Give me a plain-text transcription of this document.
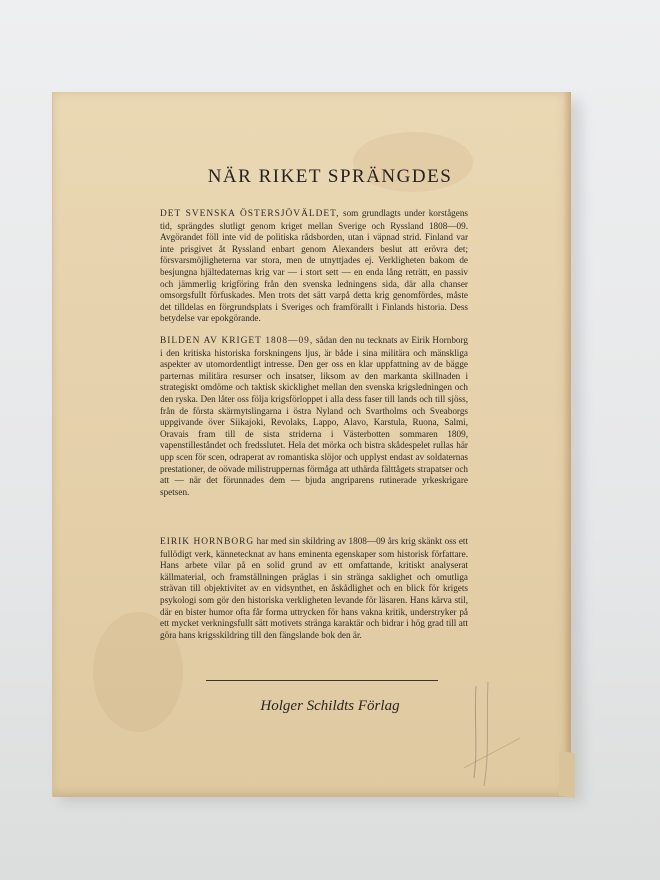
NÄR RIKET SPRÄNGDES

DET SVENSKA ÖSTERSJÖVÄLDET, som grundlagts under korstågens tid, sprängdes slutligt genom kriget mellan Sverige och Ryssland 1808—09. Avgörandet föll inte vid de politiska rådsborden, utan i väpnad strid. Finland var inte prisgivet åt Ryssland enbart genom Alexanders beslut att erövra det; försvarsmöjligheterna var stora, men de utnyttjades ej. Verkligheten bakom de besjungna hjältedaternas krig var — i stort sett — en enda lång reträtt, en passiv och jämmerlig krigföring från den svenska ledningens sida, där alla chanser omsorgsfullt förfuskades. Men trots det sätt varpå detta krig genomfördes, måste det tilldelas en förgrundsplats i Sveriges och framförallt i Finlands historia. Dess betydelse var epokgörande.

BILDEN AV KRIGET 1808—09, sådan den nu tecknats av Eirik Hornborg i den kritiska historiska forskningens ljus, är både i sina militära och mänskliga aspekter av utomordentligt intresse. Den ger oss en klar uppfattning av de bägge parternas militära resurser och insatser, liksom av den markanta skillnaden i strategiskt omdöme och taktisk skicklighet mellan den svenska krigsledningen och den ryska. Den låter oss följa krigsförloppet i alla dess faser till lands och till sjöss, från de första skärmytslingarna i östra Nyland och Svartholms och Sveaborgs uppgivande över Siikajoki, Revolaks, Lappo, Alavo, Karstula, Ruona, Salmi, Oravais fram till de sista striderna i Västerbotten sommaren 1809, vapenstilleståndet och fredsslutet. Hela det mörka och bistra skådespelet rullas här upp scen för scen, odraperat av romantiska slöjor och upplyst endast av soldaternas prestationer, de oövade milistruppernas förmåga att uthärda fälttågets strapatser och att — när det förunnades dem — bjuda angriparens rutinerade yrkeskrigare spetsen.

EIRIK HORNBORG har med sin skildring av 1808—09 års krig skänkt oss ett fullödigt verk, kännetecknat av hans eminenta egenskaper som historisk författare. Hans arbete vilar på en solid grund av ett omfattande, kritiskt analyserat källmaterial, och framställningen präglas i sin stränga saklighet och omutliga strävan till objektivitet av en vidsynthet, en åskådlighet och en blick för krigets psykologi som gör den historiska verkligheten levande för läsaren. Hans kärva stil, där en bister humor ofta får forma uttrycken för hans vakna kritik, understryker på ett mycket verkningsfullt sätt motivets stränga karaktär och bidrar i hög grad till att göra hans krigsskildring till den fängslande bok den är.

Holger Schildts Förlag
